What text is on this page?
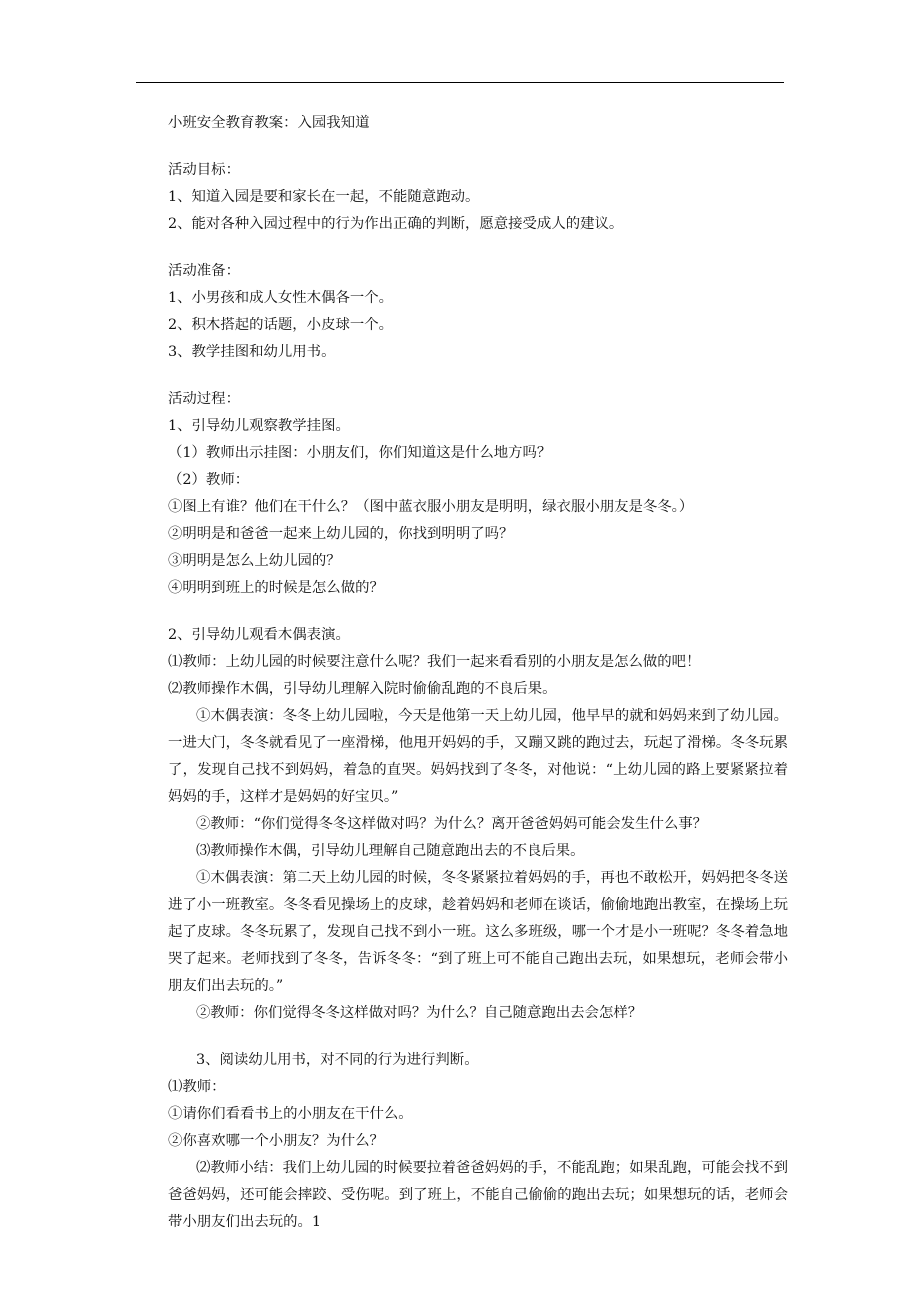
小班安全教育教案：入园我知道
活动目标：
1、知道入园是要和家长在一起，不能随意跑动。
2、能对各种入园过程中的行为作出正确的判断，愿意接受成人的建议。
活动准备：
1、小男孩和成人女性木偶各一个。
2、积木搭起的话题，小皮球一个。
3、教学挂图和幼儿用书。
活动过程：
1、引导幼儿观察教学挂图。
（1）教师出示挂图：小朋友们，你们知道这是什么地方吗？
（2）教师：
①图上有谁？他们在干什么？（图中蓝衣服小朋友是明明，绿衣服小朋友是冬冬。）
②明明是和爸爸一起来上幼儿园的，你找到明明了吗？
③明明是怎么上幼儿园的？
④明明到班上的时候是怎么做的？
2、引导幼儿观看木偶表演。
⑴教师：上幼儿园的时候要注意什么呢？我们一起来看看别的小朋友是怎么做的吧！
⑵教师操作木偶，引导幼儿理解入院时偷偷乱跑的不良后果。
①木偶表演：冬冬上幼儿园啦，今天是他第一天上幼儿园，他早早的就和妈妈来到了幼儿园。一进大门，冬冬就看见了一座滑梯，他甩开妈妈的手，又蹦又跳的跑过去，玩起了滑梯。冬冬玩累了，发现自己找不到妈妈，着急的直哭。妈妈找到了冬冬，对他说：“上幼儿园的路上要紧紧拉着妈妈的手，这样才是妈妈的好宝贝。”
②教师：“你们觉得冬冬这样做对吗？为什么？离开爸爸妈妈可能会发生什么事？
⑶教师操作木偶，引导幼儿理解自己随意跑出去的不良后果。
①木偶表演：第二天上幼儿园的时候，冬冬紧紧拉着妈妈的手，再也不敢松开，妈妈把冬冬送进了小一班教室。冬冬看见操场上的皮球，趁着妈妈和老师在谈话，偷偷地跑出教室，在操场上玩起了皮球。冬冬玩累了，发现自己找不到小一班。这么多班级，哪一个才是小一班呢？冬冬着急地哭了起来。老师找到了冬冬，告诉冬冬：“到了班上可不能自己跑出去玩，如果想玩，老师会带小朋友们出去玩的。”
②教师：你们觉得冬冬这样做对吗？为什么？自己随意跑出去会怎样？
3、阅读幼儿用书，对不同的行为进行判断。
⑴教师：
①请你们看看书上的小朋友在干什么。
②你喜欢哪一个小朋友？为什么？
⑵教师小结：我们上幼儿园的时候要拉着爸爸妈妈的手，不能乱跑；如果乱跑，可能会找不到爸爸妈妈，还可能会摔跤、受伤呢。到了班上，不能自己偷偷的跑出去玩；如果想玩的话，老师会带小朋友们出去玩的。1
